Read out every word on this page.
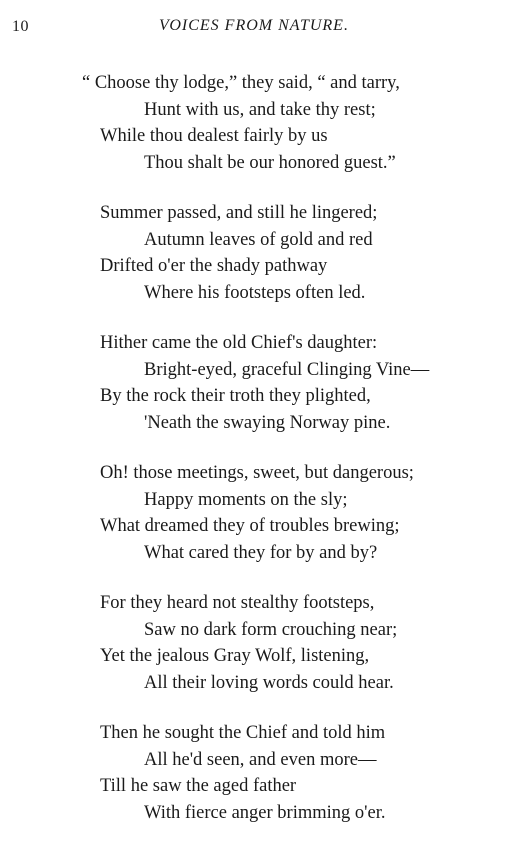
10	VOICES FROM NATURE.
“ Choose thy lodge,” they said, “ and tarry,
Hunt with us, and take thy rest;
While thou dealest fairly by us
Thou shalt be our honored guest.”
Summer passed, and still he lingered;
Autumn leaves of gold and red
Drifted o'er the shady pathway
Where his footsteps often led.
Hither came the old Chief's daughter:
Bright-eyed, graceful Clinging Vine—
By the rock their troth they plighted,
'Neath the swaying Norway pine.
Oh! those meetings, sweet, but dangerous;
Happy moments on the sly;
What dreamed they of troubles brewing;
What cared they for by and by?
For they heard not stealthy footsteps,
Saw no dark form crouching near;
Yet the jealous Gray Wolf, listening,
All their loving words could hear.
Then he sought the Chief and told him
All he'd seen, and even more—
Till he saw the aged father
With fierce anger brimming o'er.
